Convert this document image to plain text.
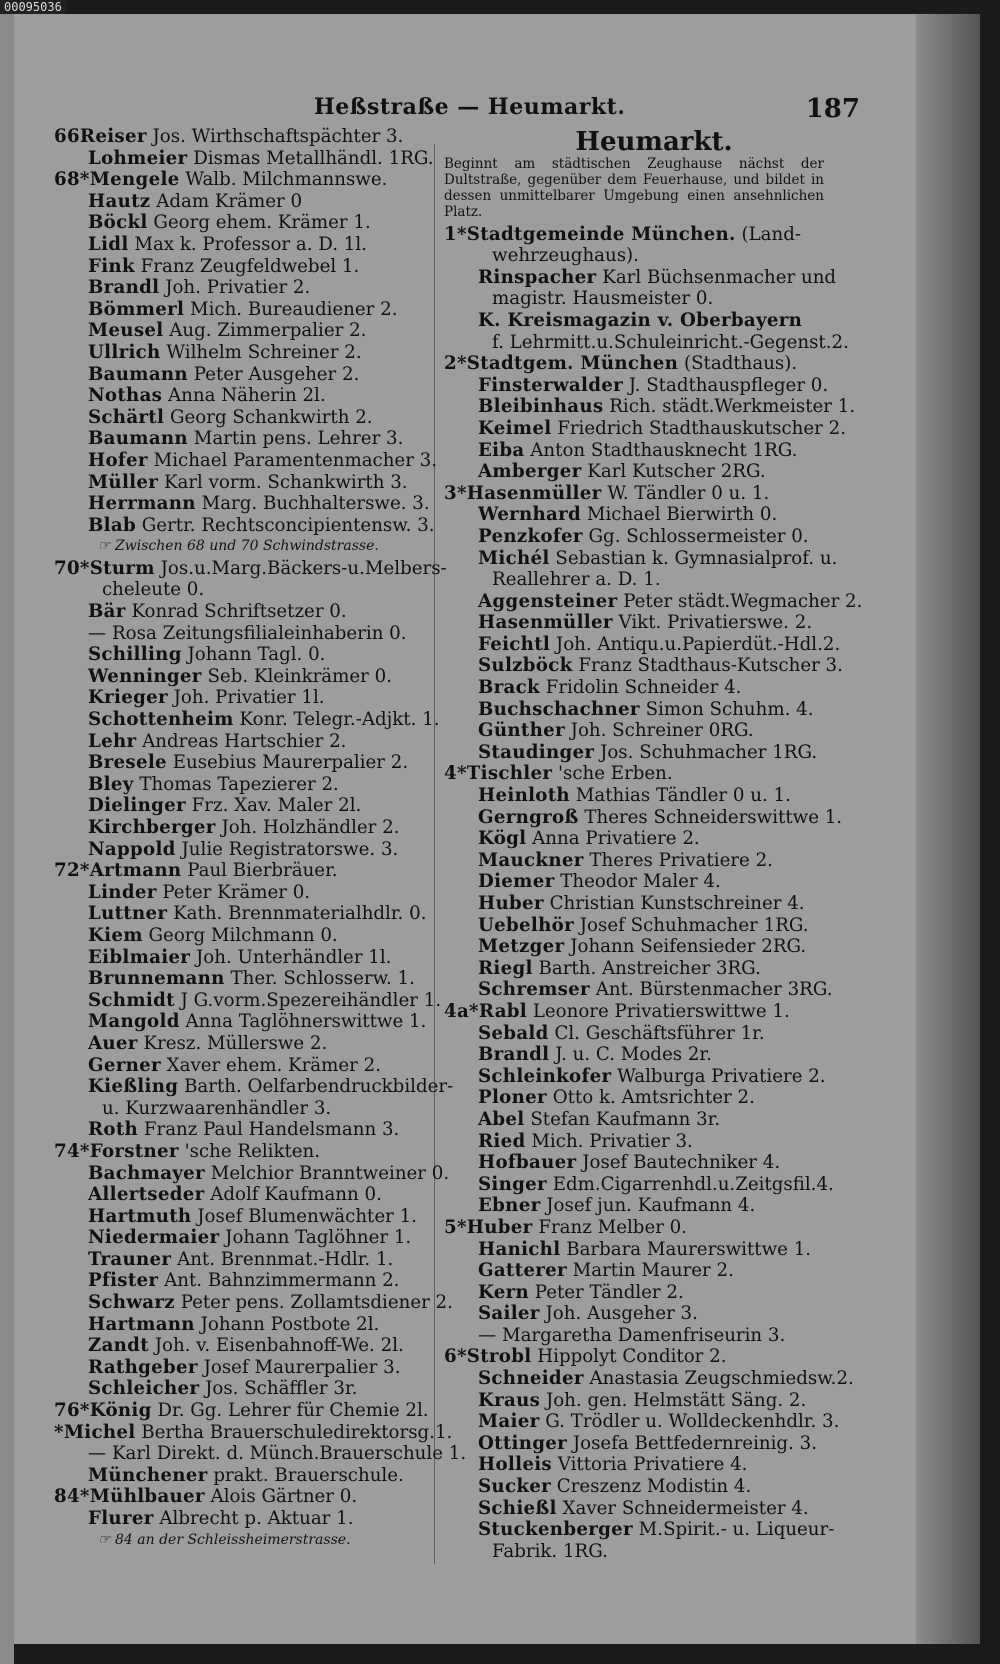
00095036
Heßstraße — Heumarkt.	187
66Reiser Jos. Wirthschaftspächter 3.
Lohmeier Dismas Metallhändl. 1RG.
68*Mengele Walb. Milchmannswe.
Hautz Adam Krämer 0
Böckl Georg ehem. Krämer 1.
Lidl Max k. Professor a. D. 1l.
Fink Franz Zeugfeldwebel 1.
Brandl Joh. Privatier 2.
Bömmerl Mich. Bureaudiener 2.
Meusel Aug. Zimmerpalier 2.
Ullrich Wilhelm Schreiner 2.
Baumann Peter Ausgeher 2.
Nothas Anna Näherin 2l.
Schärtl Georg Schankwirth 2.
Baumann Martin pens. Lehrer 3.
Hofer Michael Paramentenmacher 3.
Müller Karl vorm. Schankwirth 3.
Herrmann Marg. Buchhalterswe. 3.
Blab Gertr. Rechtsconcipientensw. 3.
☞ Zwischen 68 und 70 Schwindstrasse.
70*Sturm Jos.u.Marg.Bäckers-u.Melbers-
cheleute 0.
Bär Konrad Schriftsetzer 0.
— Rosa Zeitungsfilialeinhaberin 0.
Schilling Johann Tagl. 0.
Wenninger Seb. Kleinkrämer 0.
Krieger Joh. Privatier 1l.
Schottenheim Konr. Telegr.-Adjkt. 1.
Lehr Andreas Hartschier 2.
Bresele Eusebius Maurerpalier 2.
Bley Thomas Tapezierer 2.
Dielinger Frz. Xav. Maler 2l.
Kirchberger Joh. Holzhändler 2.
Nappold Julie Registratorswe. 3.
72*Artmann Paul Bierbräuer.
Linder Peter Krämer 0.
Luttner Kath. Brennmaterialhdlr. 0.
Kiem Georg Milchmann 0.
Eiblmaier Joh. Unterhändler 1l.
Brunnemann Ther. Schlosserw. 1.
Schmidt J G.vorm.Spezereihändler 1.
Mangold Anna Taglöhnerswittwe 1.
Auer Kresz. Müllerswe 2.
Gerner Xaver ehem. Krämer 2.
Kießling Barth. Oelfarbendruckbilder-
u. Kurzwaarenhändler 3.
Roth Franz Paul Handelsmann 3.
74*Forstner 'sche Relikten.
Bachmayer Melchior Branntweiner 0.
Allertseder Adolf Kaufmann 0.
Hartmuth Josef Blumenwächter 1.
Niedermaier Johann Taglöhner 1.
Trauner Ant. Brennmat.-Hdlr. 1.
Pfister Ant. Bahnzimmermann 2.
Schwarz Peter pens. Zollamtsdiener 2.
Hartmann Johann Postbote 2l.
Zandt Joh. v. Eisenbahnoff-We. 2l.
Rathgeber Josef Maurerpalier 3.
Schleicher Jos. Schäffler 3r.
76*König Dr. Gg. Lehrer für Chemie 2l.
*Michel Bertha Brauerschuledirektorsg.1.
— Karl Direkt. d. Münch.Brauerschule 1.
Münchener prakt. Brauerschule.
84*Mühlbauer Alois Gärtner 0.
Flurer Albrecht p. Aktuar 1.
☞ 84 an der Schleissheimerstrasse.
Heumarkt.
Beginnt am städtischen Zeughause nächst der Dultstraße, gegenüber dem Feuerhause, und bildet in dessen unmittelbarer Umgebung einen ansehnlichen Platz.
1*Stadtgemeinde München. (Land-
wehrzeughaus).
Rinspacher Karl Büchsenmacher und
magistr. Hausmeister 0.
K. Kreismagazin v. Oberbayern
f. Lehrmitt.u.Schuleinricht.-Gegenst.2.
2*Stadtgem. München (Stadthaus).
Finsterwalder J. Stadthauspfleger 0.
Bleibinhaus Rich. städt.Werkmeister 1.
Keimel Friedrich Stadthauskutscher 2.
Eiba Anton Stadthausknecht 1RG.
Amberger Karl Kutscher 2RG.
3*Hasenmüller W. Tändler 0 u. 1.
Wernhard Michael Bierwirth 0.
Penzkofer Gg. Schlossermeister 0.
Michél Sebastian k. Gymnasialprof. u.
Reallehrer a. D. 1.
Aggensteiner Peter städt.Wegmacher 2.
Hasenmüller Vikt. Privatierswe. 2.
Feichtl Joh. Antiqu.u.Papierdüt.-Hdl.2.
Sulzböck Franz Stadthaus-Kutscher 3.
Brack Fridolin Schneider 4.
Buchschachner Simon Schuhm. 4.
Günther Joh. Schreiner 0RG.
Staudinger Jos. Schuhmacher 1RG.
4*Tischler 'sche Erben.
Heinloth Mathias Tändler 0 u. 1.
Gerngroß Theres Schneiderswittwe 1.
Kögl Anna Privatiere 2.
Mauckner Theres Privatiere 2.
Diemer Theodor Maler 4.
Huber Christian Kunstschreiner 4.
Uebelhör Josef Schuhmacher 1RG.
Metzger Johann Seifensieder 2RG.
Riegl Barth. Anstreicher 3RG.
Schremser Ant. Bürstenmacher 3RG.
4a*Rabl Leonore Privatierswittwe 1.
Sebald Cl. Geschäftsführer 1r.
Brandl J. u. C. Modes 2r.
Schleinkofer Walburga Privatiere 2.
Ploner Otto k. Amtsrichter 2.
Abel Stefan Kaufmann 3r.
Ried Mich. Privatier 3.
Hofbauer Josef Bautechniker 4.
Singer Edm.Cigarrenhdl.u.Zeitgsfil.4.
Ebner Josef jun. Kaufmann 4.
5*Huber Franz Melber 0.
Hanichl Barbara Maurerswittwe 1.
Gatterer Martin Maurer 2.
Kern Peter Tändler 2.
Sailer Joh. Ausgeher 3.
— Margaretha Damenfriseurin 3.
6*Strobl Hippolyt Conditor 2.
Schneider Anastasia Zeugschmiedsw.2.
Kraus Joh. gen. Helmstätt Säng. 2.
Maier G. Trödler u. Wolldeckenhdlr. 3.
Ottinger Josefa Bettfedernreinig. 3.
Holleis Vittoria Privatiere 4.
Sucker Creszenz Modistin 4.
Schießl Xaver Schneidermeister 4.
Stuckenberger M.Spirit.- u. Liqueur-
Fabrik. 1RG.
